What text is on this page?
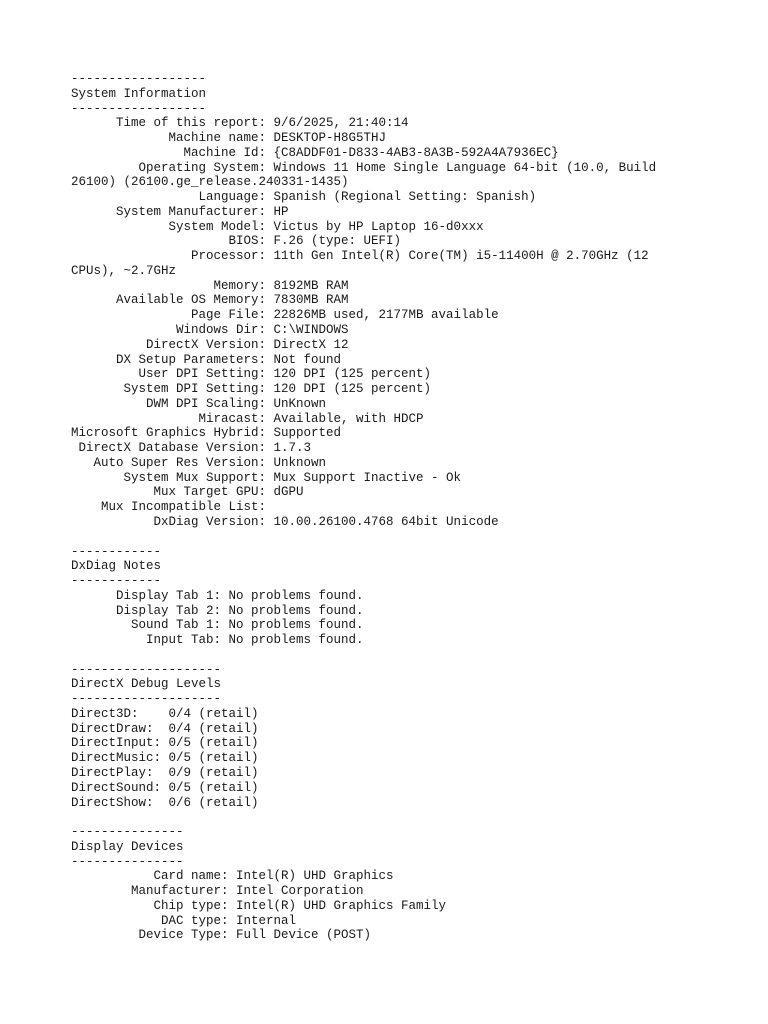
------------------
System Information
------------------
Time of this report: 9/6/2025, 21:40:14
Machine name: DESKTOP-H8G5THJ
Machine Id: {C8ADDF01-D833-4AB3-8A3B-592A4A7936EC}
Operating System: Windows 11 Home Single Language 64-bit (10.0, Build
26100) (26100.ge_release.240331-1435)
Language: Spanish (Regional Setting: Spanish)
System Manufacturer: HP
System Model: Victus by HP Laptop 16-d0xxx
BIOS: F.26 (type: UEFI)
Processor: 11th Gen Intel(R) Core(TM) i5-11400H @ 2.70GHz (12
CPUs), ~2.7GHz
Memory: 8192MB RAM
Available OS Memory: 7830MB RAM
Page File: 22826MB used, 2177MB available
Windows Dir: C:\WINDOWS
DirectX Version: DirectX 12
DX Setup Parameters: Not found
User DPI Setting: 120 DPI (125 percent)
System DPI Setting: 120 DPI (125 percent)
DWM DPI Scaling: UnKnown
Miracast: Available, with HDCP
Microsoft Graphics Hybrid: Supported
DirectX Database Version: 1.7.3
Auto Super Res Version: Unknown
System Mux Support: Mux Support Inactive - Ok
Mux Target GPU: dGPU
Mux Incompatible List:
DxDiag Version: 10.00.26100.4768 64bit Unicode
------------
DxDiag Notes
------------
Display Tab 1: No problems found.
Display Tab 2: No problems found.
Sound Tab 1: No problems found.
Input Tab: No problems found.
--------------------
DirectX Debug Levels
--------------------
Direct3D:    0/4 (retail)
DirectDraw:  0/4 (retail)
DirectInput: 0/5 (retail)
DirectMusic: 0/5 (retail)
DirectPlay:  0/9 (retail)
DirectSound: 0/5 (retail)
DirectShow:  0/6 (retail)
---------------
Display Devices
---------------
Card name: Intel(R) UHD Graphics
Manufacturer: Intel Corporation
Chip type: Intel(R) UHD Graphics Family
DAC type: Internal
Device Type: Full Device (POST)
